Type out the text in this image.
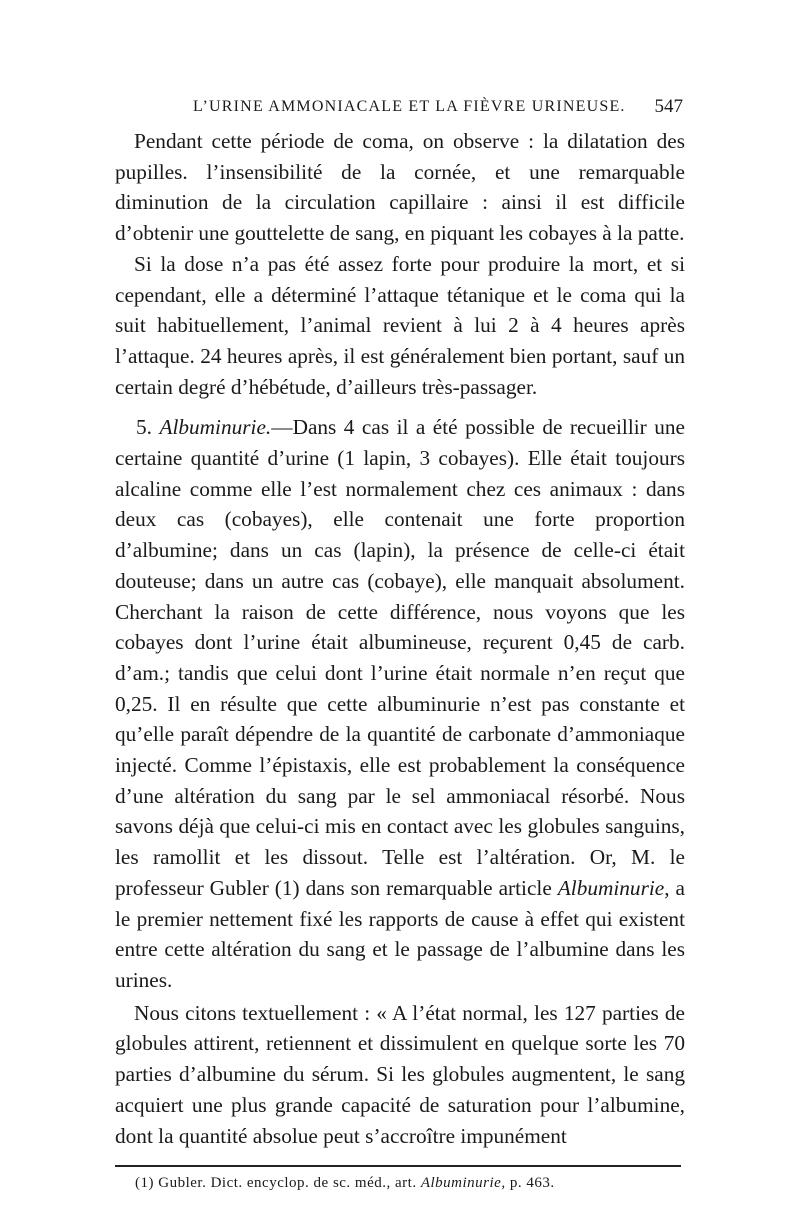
L’URINE AMMONIACALE ET LA FIÈVRE URINEUSE. 547

Pendant cette période de coma, on observe : la dilatation des pupilles. l’insensibilité de la cornée, et une remarquable diminution de la circulation capillaire : ainsi il est difficile d’obtenir une gouttelette de sang, en piquant les cobayes à la patte.

Si la dose n’a pas été assez forte pour produire la mort, et si cependant, elle a déterminé l’attaque tétanique et le coma qui la suit habituellement, l’animal revient à lui 2 à 4 heures après l’attaque. 24 heures après, il est généralement bien portant, sauf un certain degré d’hébétude, d’ailleurs très-passager.

5. Albuminurie.—Dans 4 cas il a été possible de recueillir une certaine quantité d’urine (1 lapin, 3 cobayes). Elle était toujours alcaline comme elle l’est normalement chez ces animaux : dans deux cas (cobayes), elle contenait une forte proportion d’albumine; dans un cas (lapin), la présence de celle-ci était douteuse; dans un autre cas (cobaye), elle manquait absolument. Cherchant la raison de cette différence, nous voyons que les cobayes dont l’urine était albumineuse, reçurent 0,45 de carb. d’am.; tandis que celui dont l’urine était normale n’en reçut que 0,25. Il en résulte que cette albuminurie n’est pas constante et qu’elle paraît dépendre de la quantité de carbonate d’ammoniaque injecté. Comme l’épistaxis, elle est probablement la conséquence d’une altération du sang par le sel ammoniacal résorbé. Nous savons déjà que celui-ci mis en contact avec les globules sanguins, les ramollit et les dissout. Telle est l’altération. Or, M. le professeur Gubler (1) dans son remarquable article Albuminurie, a le premier nettement fixé les rapports de cause à effet qui existent entre cette altération du sang et le passage de l’albumine dans les urines.

Nous citons textuellement : « A l’état normal, les 127 parties de globules attirent, retiennent et dissimulent en quelque sorte les 70 parties d’albumine du sérum. Si les globules augmentent, le sang acquiert une plus grande capacité de saturation pour l’albumine, dont la quantité absolue peut s’accroître impunément

(1) Gubler. Dict. encyclop. de sc. méd., art. Albuminurie, p. 463.
